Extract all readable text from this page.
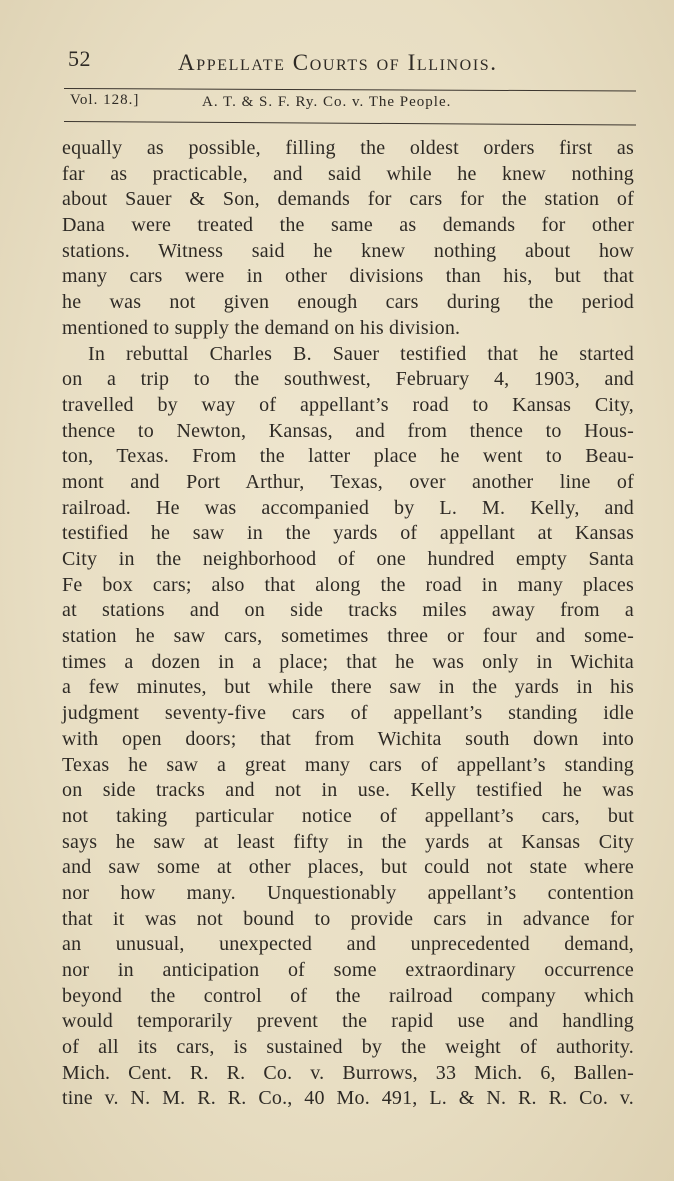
52	Appellate Courts of Illinois.
Vol. 128.]	A. T. & S. F. Ry. Co. v. The People.
equally as possible, filling the oldest orders first as
far as practicable, and said while he knew nothing
about Sauer & Son, demands for cars for the station of
Dana were treated the same as demands for other
stations. Witness said he knew nothing about how
many cars were in other divisions than his, but that
he was not given enough cars during the period
mentioned to supply the demand on his division.
In rebuttal Charles B. Sauer testified that he started
on a trip to the southwest, February 4, 1903, and
travelled by way of appellant’s road to Kansas City,
thence to Newton, Kansas, and from thence to Hous-
ton, Texas. From the latter place he went to Beau-
mont and Port Arthur, Texas, over another line of
railroad. He was accompanied by L. M. Kelly, and
testified he saw in the yards of appellant at Kansas
City in the neighborhood of one hundred empty Santa
Fe box cars; also that along the road in many places
at stations and on side tracks miles away from a
station he saw cars, sometimes three or four and some-
times a dozen in a place; that he was only in Wichita
a few minutes, but while there saw in the yards in his
judgment seventy-five cars of appellant’s standing idle
with open doors; that from Wichita south down into
Texas he saw a great many cars of appellant’s standing
on side tracks and not in use. Kelly testified he was
not taking particular notice of appellant’s cars, but
says he saw at least fifty in the yards at Kansas City
and saw some at other places, but could not state where
nor how many. Unquestionably appellant’s contention
that it was not bound to provide cars in advance for
an unusual, unexpected and unprecedented demand,
nor in anticipation of some extraordinary occurrence
beyond the control of the railroad company which
would temporarily prevent the rapid use and handling
of all its cars, is sustained by the weight of authority.
Mich. Cent. R. R. Co. v. Burrows, 33 Mich. 6, Ballen-
tine v. N. M. R. R. Co., 40 Mo. 491, L. & N. R. R. Co. v.
